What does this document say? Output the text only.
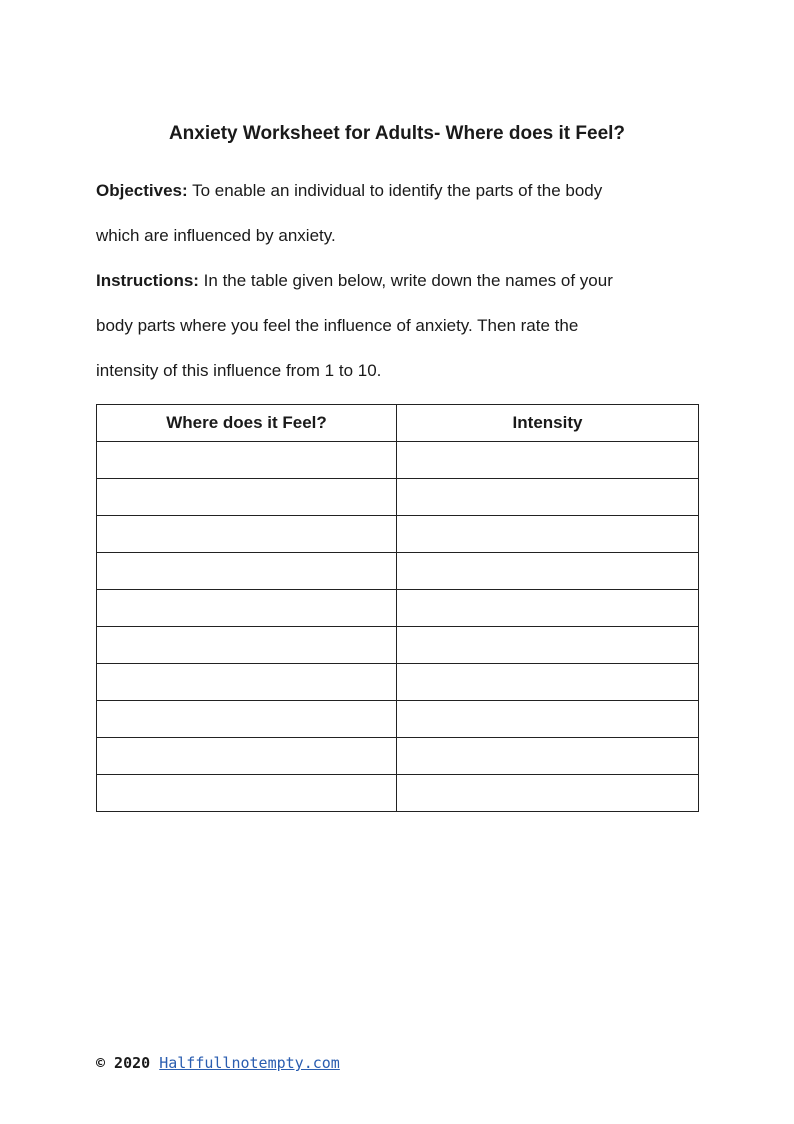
Anxiety Worksheet for Adults- Where does it Feel?
Objectives: To enable an individual to identify the parts of the body
which are influenced by anxiety.
Instructions: In the table given below, write down the names of your
body parts where you feel the influence of anxiety. Then rate the
intensity of this influence from 1 to 10.
Where does it Feel?	Intensity

© 2020 Halffullnotempty.com
